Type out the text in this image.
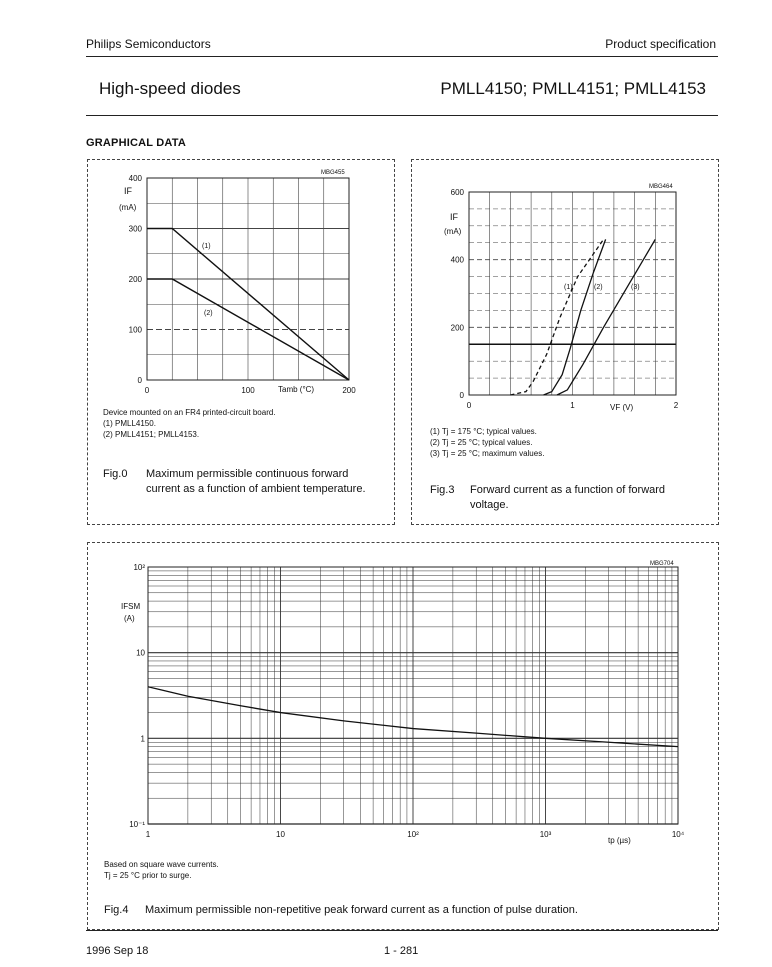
Philips Semiconductors	Product specification
High-speed diodes	PMLL4150; PMLL4151; PMLL4153
GRAPHICAL DATA
MBG455
IF
(mA)
Tamb (°C)
0
100
200
300
400
0	100	200
(1)
(2)
Device mounted on an FR4 printed-circuit board.
(1) PMLL4150.
(2) PMLL4151; PMLL4153.
Fig.0 Maximum permissible continuous forward current as a function of ambient temperature.
MBG464
IF
(mA)
VF (V)
0
200
400
600
0	1	2
(1)	(2)	(3)
(1) Tj = 175 °C; typical values.
(2) Tj = 25 °C; typical values.
(3) Tj = 25 °C; maximum values.
Fig.3 Forward current as a function of forward voltage.
MBG704
IFSM
(A)
tp (µs)
10⁻¹
1
10
10²
1	10	10²	10³	10⁴
Based on square wave currents.
Tj = 25 °C prior to surge.
Fig.4 Maximum permissible non-repetitive peak forward current as a function of pulse duration.
1996 Sep 18	1 - 281
